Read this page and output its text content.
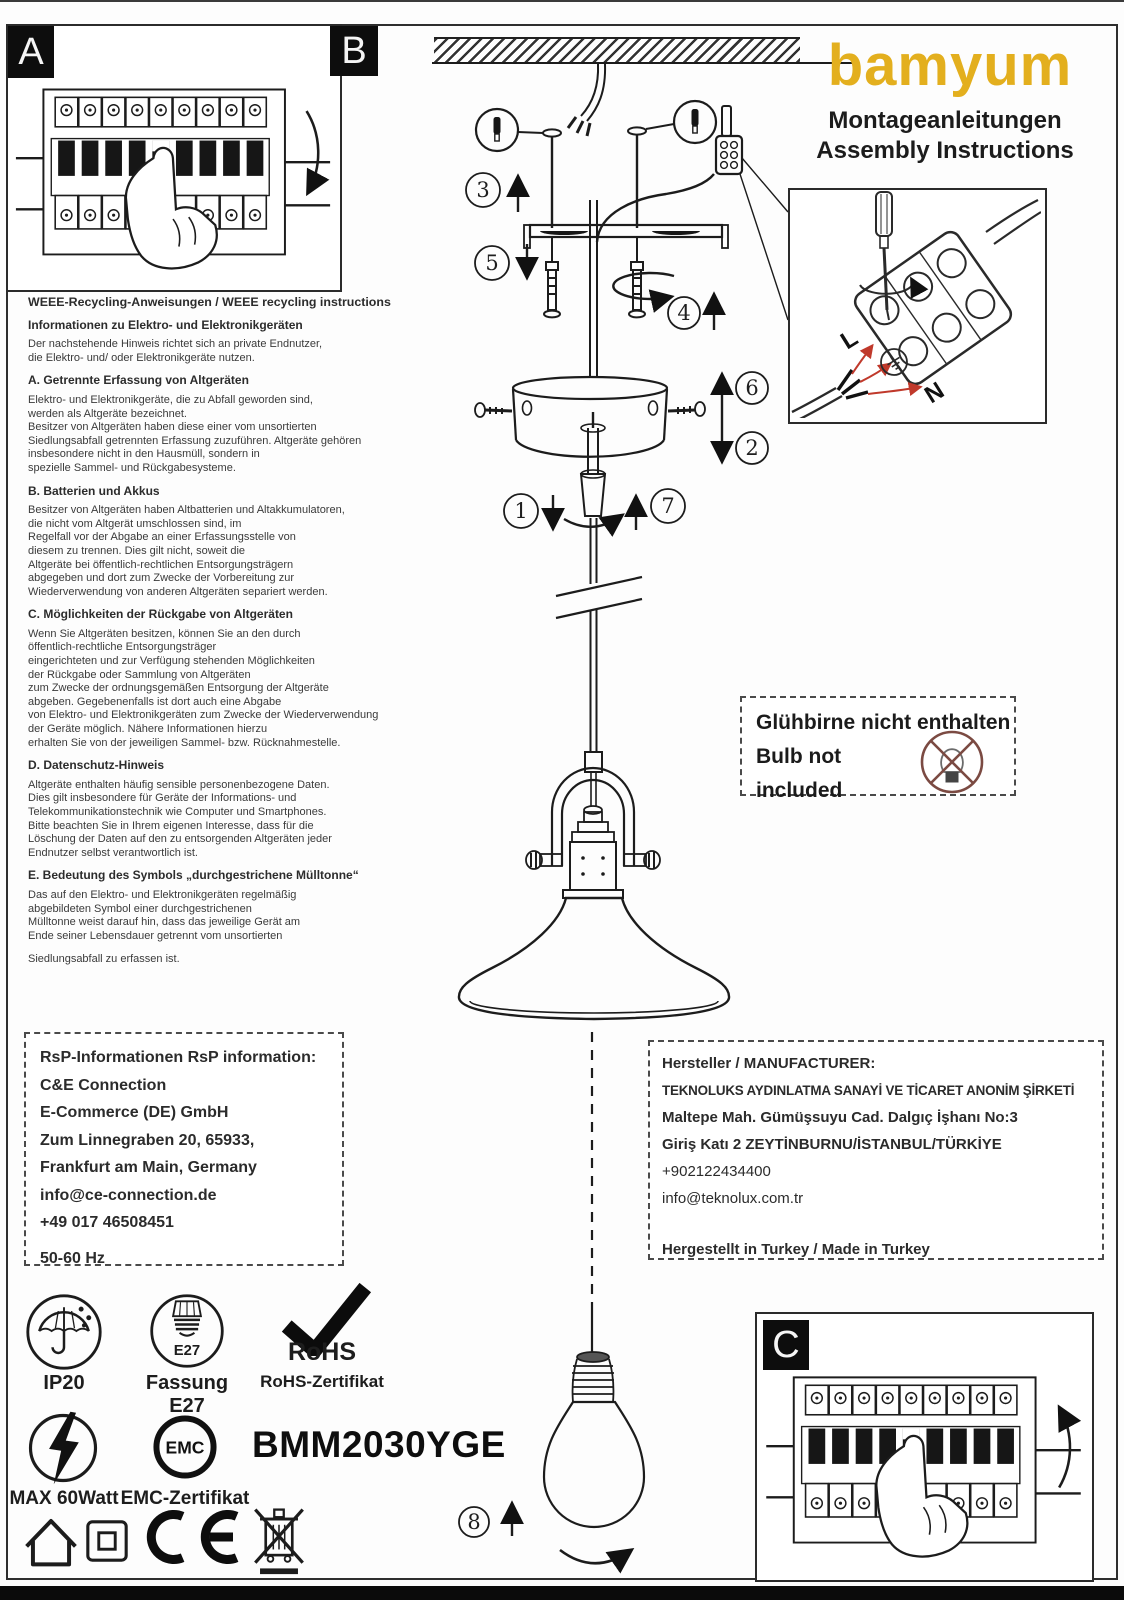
A
WEEE-Recycling-Anweisungen / WEEE recycling instructions
Informationen zu Elektro- und Elektronikgeräten
Der nachstehende Hinweis richtet sich an private Endnutzer,
die Elektro- und/ oder Elektronikgeräte nutzen.
A. Getrennte Erfassung von Altgeräten
Elektro- und Elektronikgeräte, die zu Abfall geworden sind,
werden als Altgeräte bezeichnet.
Besitzer von Altgeräten haben diese einer vom unsortierten
Siedlungsabfall getrennten Erfassung zuzuführen. Altgeräte gehören
insbesondere nicht in den Hausmüll, sondern in
spezielle Sammel- und Rückgabesysteme.
B. Batterien und Akkus
Besitzer von Altgeräten haben Altbatterien und Altakkumulatoren,
die nicht vom Altgerät umschlossen sind, im
Regelfall vor der Abgabe an einer Erfassungsstelle von
diesem zu trennen. Dies gilt nicht, soweit die
Altgeräte bei öffentlich-rechtlichen Entsorgungsträgern
abgegeben und dort zum Zwecke der Vorbereitung zur
Wiederverwendung von anderen Altgeräten separiert werden.
C. Möglichkeiten der Rückgabe von Altgeräten
Wenn Sie Altgeräten besitzen, können Sie an den durch
öffentlich-rechtliche Entsorgungsträger
eingerichteten und zur Verfügung stehenden Möglichkeiten
der Rückgabe oder Sammlung von Altgeräten
zum Zwecke der ordnungsgemäßen Entsorgung der Altgeräte
abgeben. Gegebenenfalls ist dort auch eine Abgabe
von Elektro- und Elektronikgeräten zum Zwecke der Wiederverwendung
der Geräte möglich. Nähere Informationen hierzu
erhalten Sie von der jeweiligen Sammel- bzw. Rücknahmestelle.
D. Datenschutz-Hinweis
Altgeräte enthalten häufig sensible personenbezogene Daten.
Dies gilt insbesondere für Geräte der Informations- und
Telekommunikationstechnik wie Computer und Smartphones.
Bitte beachten Sie in Ihrem eigenen Interesse, dass für die
Löschung der Daten auf den zu entsorgenden Altgeräten jeder
Endnutzer selbst verantwortlich ist.
E. Bedeutung des Symbols „durchgestrichene Mülltonne“
Das auf den Elektro- und Elektronikgeräten regelmäßig
abgebildeten Symbol einer durchgestrichenen
Mülltonne weist darauf hin, dass das jeweilige Gerät am
Ende seiner Lebensdauer getrennt vom unsortierten
Siedlungsabfall zu erfassen ist.
B	bamyum
Montageanleitungen
Assembly Instructions
3
5
4
6
2
1	7
8
L
N
Glühbirne nicht enthalten
Bulb not included
RsP-Informationen RsP information:
C&E Connection
E-Commerce (DE) GmbH
Zum Linnegraben 20, 65933,
Frankfurt am Main, Germany
info@ce-connection.de
+49 017 46508451
50-60 Hz
Hersteller / MANUFACTURER:
TEKNOLUKS AYDINLATMA SANAYİ VE TİCARET ANONİM ŞİRKETİ
Maltepe Mah. Gümüşsuyu Cad. Dalgıç İşhanı No:3
Giriş Katı 2 ZEYTİNBURNU/İSTANBUL/TÜRKİYE
+902122434400
info@teknolux.com.tr
Hergestellt in Turkey / Made in Turkey
IP20
E27
Fassung E27
RoHS
RoHS-Zertifikat
MAX 60Watt
EMC
EMC-Zertifikat
BMM2030YGE
C
